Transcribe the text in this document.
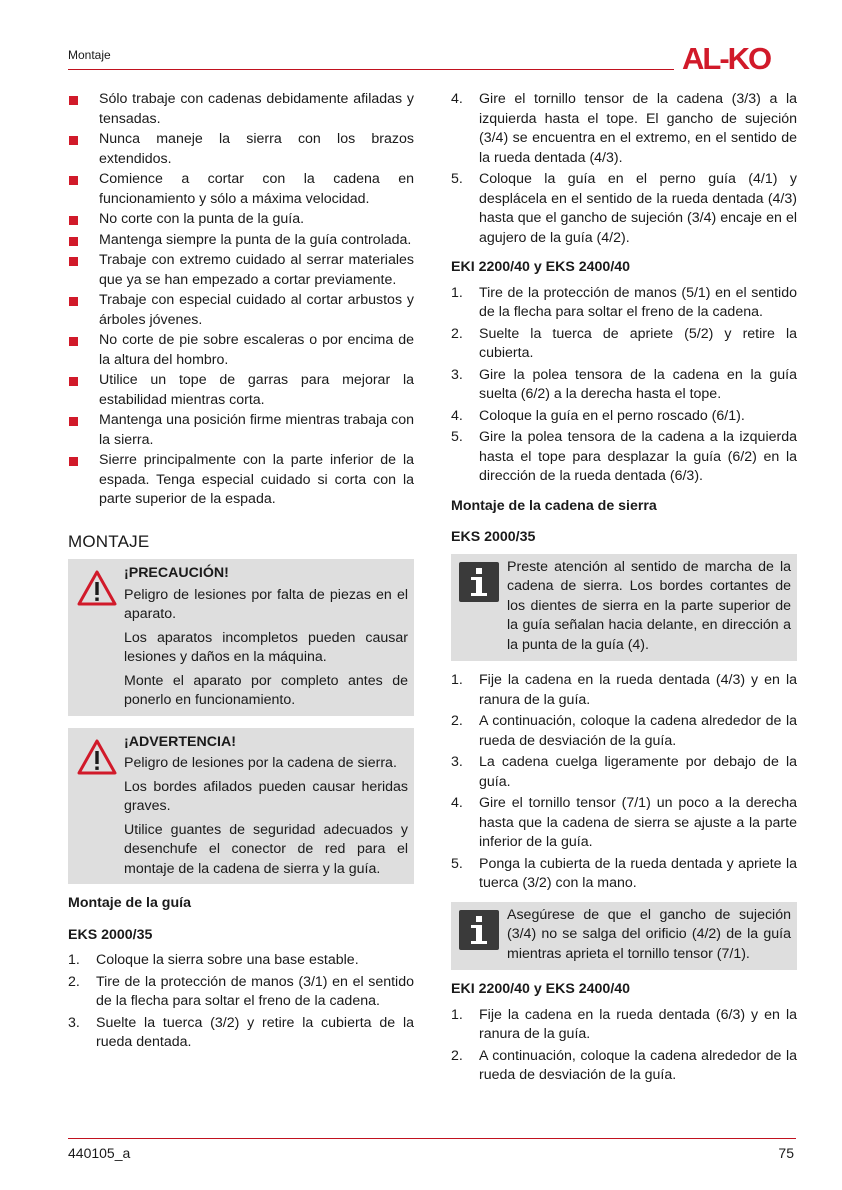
Montaje	AL-KO
Sólo trabaje con cadenas debidamente afiladas y tensadas.
Nunca maneje la sierra con los brazos extendidos.
Comience a cortar con la cadena en funcionamiento y sólo a máxima velocidad.
No corte con la punta de la guía.
Mantenga siempre la punta de la guía controlada.
Trabaje con extremo cuidado al serrar materiales que ya se han empezado a cortar previamente.
Trabaje con especial cuidado al cortar arbustos y árboles jóvenes.
No corte de pie sobre escaleras o por encima de la altura del hombro.
Utilice un tope de garras para mejorar la estabilidad mientras corta.
Mantenga una posición firme mientras trabaja con la sierra.
Sierre principalmente con la parte inferior de la espada. Tenga especial cuidado si corta con la parte superior de la espada.
MONTAJE
¡PRECAUCIÓN!

Peligro de lesiones por falta de piezas en el aparato.

Los aparatos incompletos pueden causar lesiones y daños en la máquina.

Monte el aparato por completo antes de ponerlo en funcionamiento.

¡ADVERTENCIA!

Peligro de lesiones por la cadena de sierra.

Los bordes afilados pueden causar heridas graves.

Utilice guantes de seguridad adecuados y desenchufe el conector de red para el montaje de la cadena de sierra y la guía.

Montaje de la guía
EKS 2000/35
1. Coloque la sierra sobre una base estable.
2. Tire de la protección de manos (3/1) en el sentido de la flecha para soltar el freno de la cadena.
3. Suelte la tuerca (3/2) y retire la cubierta de la rueda dentada.
4. Gire el tornillo tensor de la cadena (3/3) a la izquierda hasta el tope. El gancho de sujeción (3/4) se encuentra en el extremo, en el sentido de la rueda dentada (4/3).
5. Coloque la guía en el perno guía (4/1) y desplácela en el sentido de la rueda dentada (4/3) hasta que el gancho de sujeción (3/4) encaje en el agujero de la guía (4/2).
EKI 2200/40 y EKS 2400/40
1. Tire de la protección de manos (5/1) en el sentido de la flecha para soltar el freno de la cadena.
2. Suelte la tuerca de apriete (5/2) y retire la cubierta.
3. Gire la polea tensora de la cadena en la guía suelta (6/2) a la derecha hasta el tope.
4. Coloque la guía en el perno roscado (6/1).
5. Gire la polea tensora de la cadena a la izquierda hasta el tope para desplazar la guía (6/2) en la dirección de la rueda dentada (6/3).
Montaje de la cadena de sierra
EKS 2000/35

Preste atención al sentido de marcha de la cadena de sierra. Los bordes cortantes de los dientes de sierra en la parte superior de la guía señalan hacia delante, en dirección a la punta de la guía (4).

1. Fije la cadena en la rueda dentada (4/3) y en la ranura de la guía.
2. A continuación, coloque la cadena alrededor de la rueda de desviación de la guía.
3. La cadena cuelga ligeramente por debajo de la guía.
4. Gire el tornillo tensor (7/1) un poco a la derecha hasta que la cadena de sierra se ajuste a la parte inferior de la guía.
5. Ponga la cubierta de la rueda dentada y apriete la tuerca (3/2) con la mano.

Asegúrese de que el gancho de sujeción (3/4) no se salga del orificio (4/2) de la guía mientras aprieta el tornillo tensor (7/1).

EKI 2200/40 y EKS 2400/40
1. Fije la cadena en la rueda dentada (6/3) y en la ranura de la guía.
2. A continuación, coloque la cadena alrededor de la rueda de desviación de la guía.
440105_a	75
